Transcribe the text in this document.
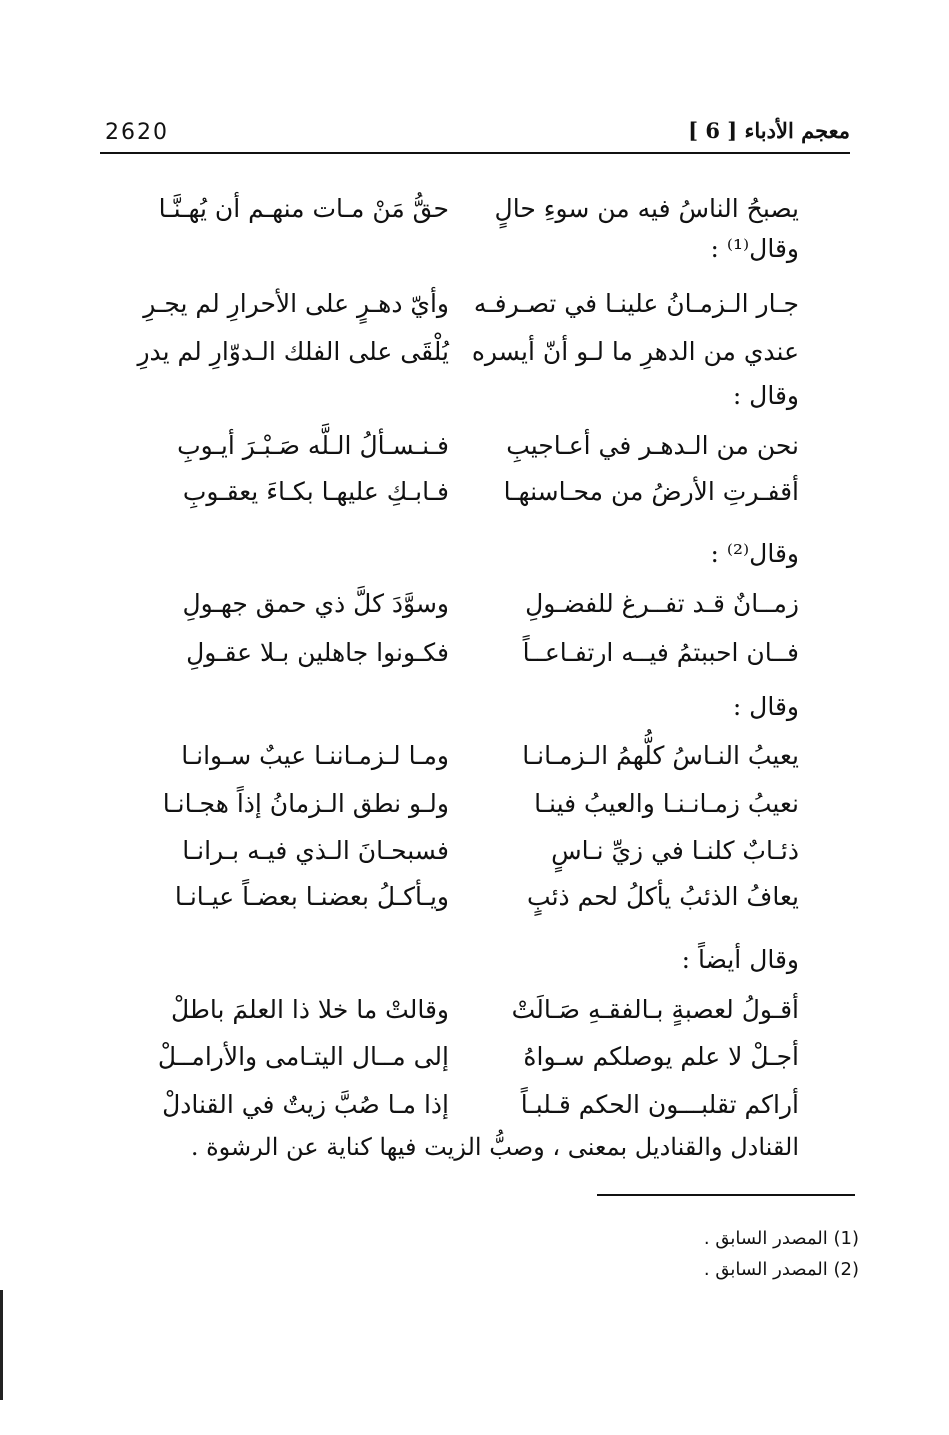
2620	معجم الأدباء [ 6 ]
يصبحُ الناسُ فيه من سوءِ حالٍ
حقُّ مَنْ مـات منهـم أن يُهـنَّـا
وقال⁽¹⁾ :
جـار الـزمـانُ علينـا في تصـرفـه
وأيّ دهـرٍ على الأحرارِ لم يجـرِ
عندي من الدهرِ ما لـو أنّ أيسره
يُلْقَى على الفلك الـدوّارِ لم يدرِ
وقال :
نحن من الـدهـر في أعـاجيبِ
فـنـسـألُ الـلَّه صَـبْـرَ أيـوبِ
أقفـرتِ الأرضُ من محـاسنهـا
فـابـكِ عليهـا بكـاءَ يعقـوبِ
وقال⁽²⁾ :
زمــانٌ قـد تفــرغ للفضـولِ
وسوَّدَ كلَّ ذي حمق جهـولِ
فــان احببتمُ فيــه ارتفـاعــاً
فكـونوا جاهلين بـلا عقـولِ
وقال :
يعيبُ النـاسُ كلُّهمُ الـزمـانـا
ومـا لـزمـاننـا عيبٌ سـوانـا
نعيبُ زمـانـنـا والعيبُ فينـا
ولـو نطق الـزمانُ إذاً هجـانـا
ذئـابٌ كلنـا في زيِّ نـاسٍ
فسبحـانَ الـذي فيـه بـرانـا
يعافُ الذئبُ يأكلُ لحم ذئبٍ
ويـأكـلُ بعضنـا بعضـاً عيـانـا
وقال أيضاً :
أقـولُ لعصبةٍ بـالفقـهِ صَـالَتْ
وقالتْ ما خلا ذا العلمَ باطلْ
أجـلْ لا علم يوصلكم سـواهُ
إلى مــال اليتـامى والأرامــلْ
أراكم تقلبـــون الحكم قـلبـاً
إذا مـا صُبَّ زيتٌ في القنادلْ
القنادل والقناديل بمعنى ، وصبُّ الزيت فيها كناية عن الرشوة .
(1) المصدر السابق .
(2) المصدر السابق .
